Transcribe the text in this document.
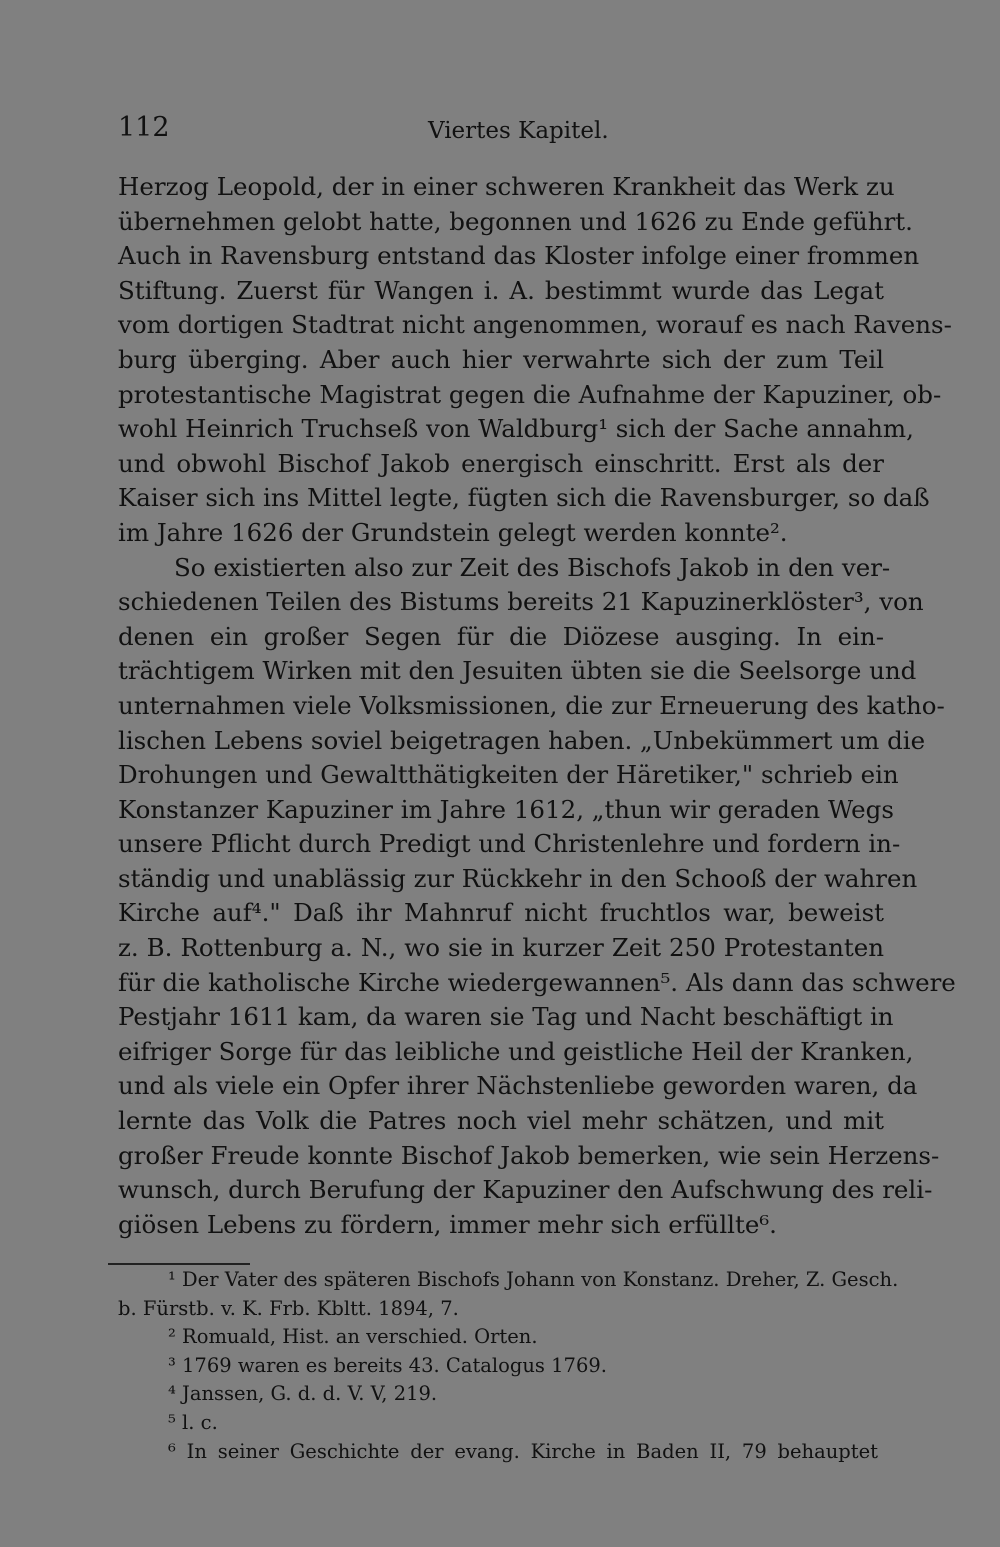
112	Viertes Kapitel.
Herzog Leopold, der in einer schweren Krankheit das Werk zu
übernehmen gelobt hatte, begonnen und 1626 zu Ende geführt.
Auch in Ravensburg entstand das Kloster infolge einer frommen
Stiftung. Zuerst für Wangen i. A. bestimmt wurde das Legat
vom dortigen Stadtrat nicht angenommen, worauf es nach Ravens-
burg überging. Aber auch hier verwahrte sich der zum Teil
protestantische Magistrat gegen die Aufnahme der Kapuziner, ob-
wohl Heinrich Truchseß von Waldburg¹ sich der Sache annahm,
und obwohl Bischof Jakob energisch einschritt. Erst als der
Kaiser sich ins Mittel legte, fügten sich die Ravensburger, so daß
im Jahre 1626 der Grundstein gelegt werden konnte².
So existierten also zur Zeit des Bischofs Jakob in den ver-
schiedenen Teilen des Bistums bereits 21 Kapuzinerklöster³, von
denen ein großer Segen für die Diözese ausging. In ein-
trächtigem Wirken mit den Jesuiten übten sie die Seelsorge und
unternahmen viele Volksmissionen, die zur Erneuerung des katho-
lischen Lebens soviel beigetragen haben. „Unbekümmert um die
Drohungen und Gewaltthätigkeiten der Häretiker," schrieb ein
Konstanzer Kapuziner im Jahre 1612, „thun wir geraden Wegs
unsere Pflicht durch Predigt und Christenlehre und fordern in-
ständig und unablässig zur Rückkehr in den Schooß der wahren
Kirche auf⁴." Daß ihr Mahnruf nicht fruchtlos war, beweist
z. B. Rottenburg a. N., wo sie in kurzer Zeit 250 Protestanten
für die katholische Kirche wiedergewannen⁵. Als dann das schwere
Pestjahr 1611 kam, da waren sie Tag und Nacht beschäftigt in
eifriger Sorge für das leibliche und geistliche Heil der Kranken,
und als viele ein Opfer ihrer Nächstenliebe geworden waren, da
lernte das Volk die Patres noch viel mehr schätzen, und mit
großer Freude konnte Bischof Jakob bemerken, wie sein Herzens-
wunsch, durch Berufung der Kapuziner den Aufschwung des reli-
giösen Lebens zu fördern, immer mehr sich erfüllte⁶.
¹ Der Vater des späteren Bischofs Johann von Konstanz. Dreher, Z. Gesch.
b. Fürstb. v. K. Frb. Kbltt. 1894, 7.
² Romuald, Hist. an verschied. Orten.
³ 1769 waren es bereits 43. Catalogus 1769.
⁴ Janssen, G. d. d. V. V, 219.
⁵ l. c.
⁶ In seiner Geschichte der evang. Kirche in Baden II, 79 behauptet
